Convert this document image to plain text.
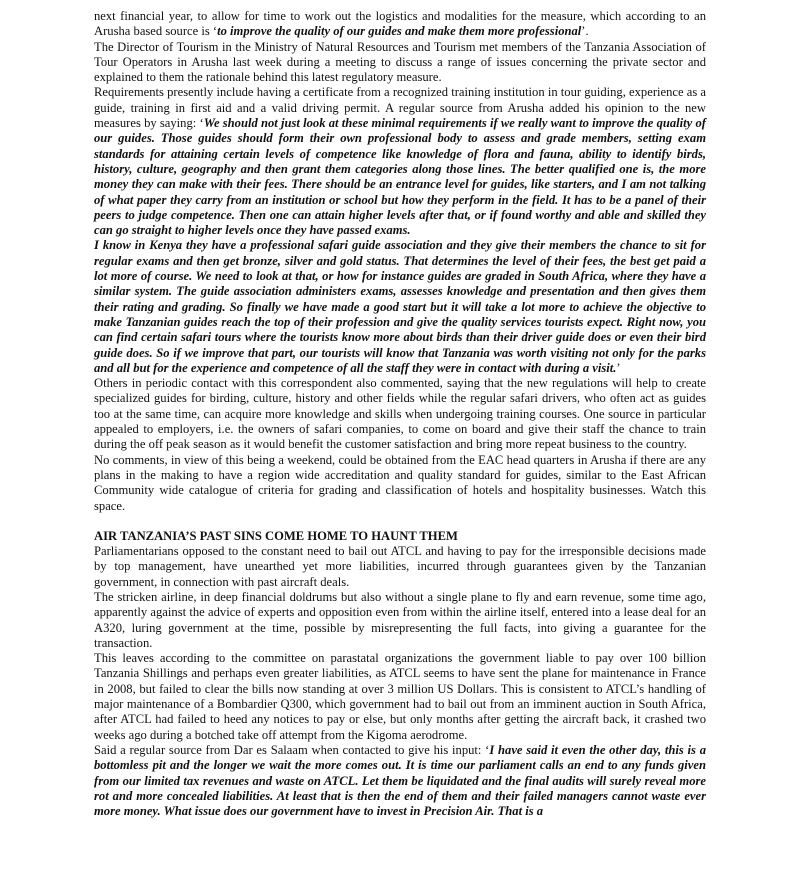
next financial year, to allow for time to work out the logistics and modalities for the measure, which according to an Arusha based source is ‘to improve the quality of our guides and make them more professional’.

The Director of Tourism in the Ministry of Natural Resources and Tourism met members of the Tanzania Association of Tour Operators in Arusha last week during a meeting to discuss a range of issues concerning the private sector and explained to them the rationale behind this latest regulatory measure.

Requirements presently include having a certificate from a recognized training institution in tour guiding, experience as a guide, training in first aid and a valid driving permit. A regular source from Arusha added his opinion to the new measures by saying: ‘We should not just look at these minimal requirements if we really want to improve the quality of our guides. Those guides should form their own professional body to assess and grade members, setting exam standards for attaining certain levels of competence like knowledge of flora and fauna, ability to identify birds, history, culture, geography and then grant them categories along those lines. The better qualified one is, the more money they can make with their fees. There should be an entrance level for guides, like starters, and I am not talking of what paper they carry from an institution or school but how they perform in the field. It has to be a panel of their peers to judge competence. Then one can attain higher levels after that, or if found worthy and able and skilled they can go straight to higher levels once they have passed exams.

I know in Kenya they have a professional safari guide association and they give their members the chance to sit for regular exams and then get bronze, silver and gold status. That determines the level of their fees, the best get paid a lot more of course. We need to look at that, or how for instance guides are graded in South Africa, where they have a similar system. The guide association administers exams, assesses knowledge and presentation and then gives them their rating and grading. So finally we have made a good start but it will take a lot more to achieve the objective to make Tanzanian guides reach the top of their profession and give the quality services tourists expect. Right now, you can find certain safari tours where the tourists know more about birds than their driver guide does or even their bird guide does. So if we improve that part, our tourists will know that Tanzania was worth visiting not only for the parks and all but for the experience and competence of all the staff they were in contact with during a visit.’

Others in periodic contact with this correspondent also commented, saying that the new regulations will help to create specialized guides for birding, culture, history and other fields while the regular safari drivers, who often act as guides too at the same time, can acquire more knowledge and skills when undergoing training courses. One source in particular appealed to employers, i.e. the owners of safari companies, to come on board and give their staff the chance to train during the off peak season as it would benefit the customer satisfaction and bring more repeat business to the country.

No comments, in view of this being a weekend, could be obtained from the EAC head quarters in Arusha if there are any plans in the making to have a region wide accreditation and quality standard for guides, similar to the East African Community wide catalogue of criteria for grading and classification of hotels and hospitality businesses. Watch this space.

AIR TANZANIA’S PAST SINS COME HOME TO HAUNT THEM

Parliamentarians opposed to the constant need to bail out ATCL and having to pay for the irresponsible decisions made by top management, have unearthed yet more liabilities, incurred through guarantees given by the Tanzanian government, in connection with past aircraft deals.

The stricken airline, in deep financial doldrums but also without a single plane to fly and earn revenue, some time ago, apparently against the advice of experts and opposition even from within the airline itself, entered into a lease deal for an A320, luring government at the time, possible by misrepresenting the full facts, into giving a guarantee for the transaction.

This leaves according to the committee on parastatal organizations the government liable to pay over 100 billion Tanzania Shillings and perhaps even greater liabilities, as ATCL seems to have sent the plane for maintenance in France in 2008, but failed to clear the bills now standing at over 3 million US Dollars. This is consistent to ATCL’s handling of major maintenance of a Bombardier Q300, which government had to bail out from an imminent auction in South Africa, after ATCL had failed to heed any notices to pay or else, but only months after getting the aircraft back, it crashed two weeks ago during a botched take off attempt from the Kigoma aerodrome.

Said a regular source from Dar es Salaam when contacted to give his input: ‘I have said it even the other day, this is a bottomless pit and the longer we wait the more comes out. It is time our parliament calls an end to any funds given from our limited tax revenues and waste on ATCL. Let them be liquidated and the final audits will surely reveal more rot and more concealed liabilities. At least that is then the end of them and their failed managers cannot waste ever more money. What issue does our government have to invest in Precision Air. That is a
